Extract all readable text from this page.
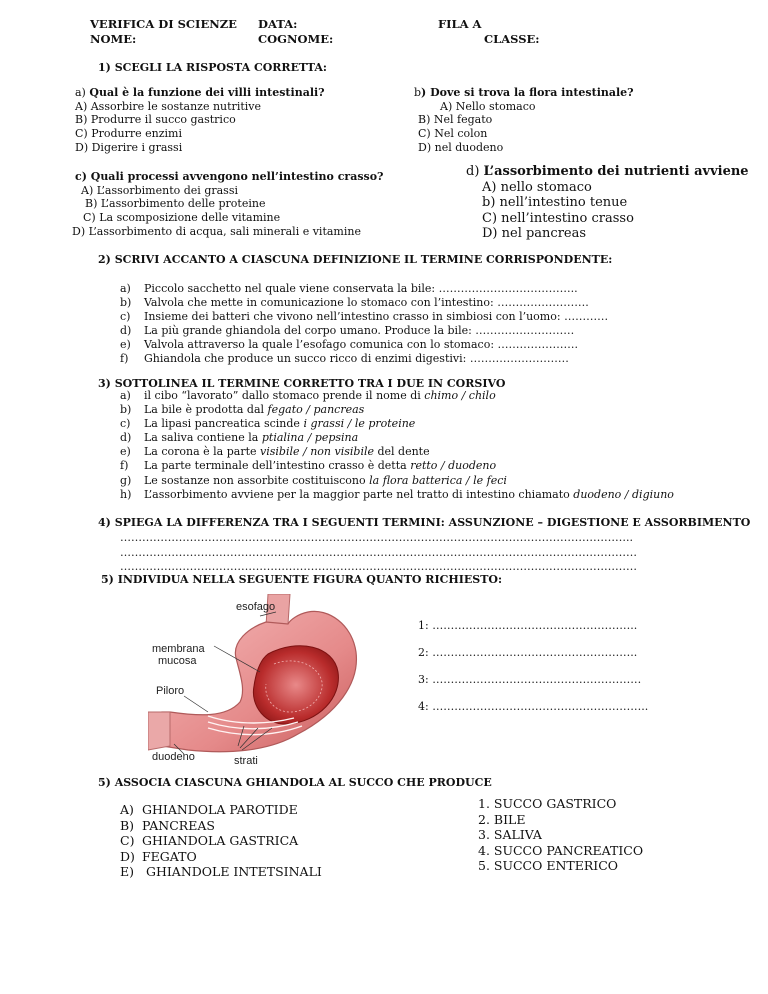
VERIFICA DI SCIENZE DATA:	FILA A
NOME:	COGNOME:	CLASSE:
1) SCEGLI LA RISPOSTA CORRETTA:
a) Qual è la funzione dei villi intestinali?
A) Assorbire le sostanze nutritive
B) Produrre il succo gastrico
C) Produrre enzimi
D) Digerire i grassi
b) Dove si trova la flora intestinale?
A) Nello stomaco
B) Nel fegato
C) Nel colon
D) nel duodeno
c) Quali processi avvengono nell’intestino crasso?
A) L’assorbimento dei grassi
B) L’assorbimento delle proteine
C) La scomposizione delle vitamine
D) L’assorbimento di acqua, sali minerali e vitamine
d) L’assorbimento dei nutrienti avviene
A) nello stomaco
b) nell’intestino tenue
C) nell’intestino crasso
D) nel pancreas
2) SCRIVI ACCANTO A CIASCUNA DEFINIZIONE IL TERMINE CORRISPONDENTE:
a)	Piccolo sacchetto nel quale viene conservata la bile: ………………………………..
b)	Valvola che mette in comunicazione lo stomaco con l’intestino: …………………….
c)	Insieme dei batteri che vivono nell’intestino crasso in simbiosi con l’uomo: …………
d)	La più grande ghiandola del corpo umano. Produce la bile: ………………………
e)	Valvola attraverso la quale l’esofago comunica con lo stomaco: ………………….
f)	Ghiandola che produce un succo ricco di enzimi digestivi: ………………………
3) SOTTOLINEA IL TERMINE CORRETTO TRA I DUE IN CORSIVO
a)	il cibo “lavorato” dallo stomaco prende il nome di chimo / chilo
b)	La bile è prodotta dal fegato / pancreas
c)	La lipasi pancreatica scinde i grassi / le proteine
d)	La saliva contiene la ptialina / pepsina
e)	La corona è la parte visibile / non visibile del dente
f)	La parte terminale dell’intestino crasso è detta retto / duodeno
g)	Le sostanze non assorbite costituiscono la flora batterica / le feci
h)	L’assorbimento avviene per la maggior parte nel tratto di intestino chiamato duodeno / digiuno
4) SPIEGA LA DIFFERENZA TRA I SEGUENTI TERMINI: ASSUNZIONE – DIGESTIONE E ASSORBIMENTO
…………………………………………………………………………………………………………………………..
……………………………………………………………………………………………………………………………
……………………………………………………………………………………………………………………………
5) INDIVIDUA NELLA SEGUENTE FIGURA QUANTO RICHIESTO:
esofago
membrana
mucosa
Piloro
duodeno	strati
1: ………………………………………………..
2: ………………………………………………..
3: …………………………………………………
4: …………………………………………………..
5) ASSOCIA CIASCUNA GHIANDOLA AL SUCCO CHE PRODUCE
A) GHIANDOLA PAROTIDE
B) PANCREAS
C) GHIANDOLA GASTRICA
D) FEGATO
E) GHIANDOLE INTETSINALI
1. SUCCO GASTRICO
2. BILE
3. SALIVA
4. SUCCO PANCREATICO
5. SUCCO ENTERICO
